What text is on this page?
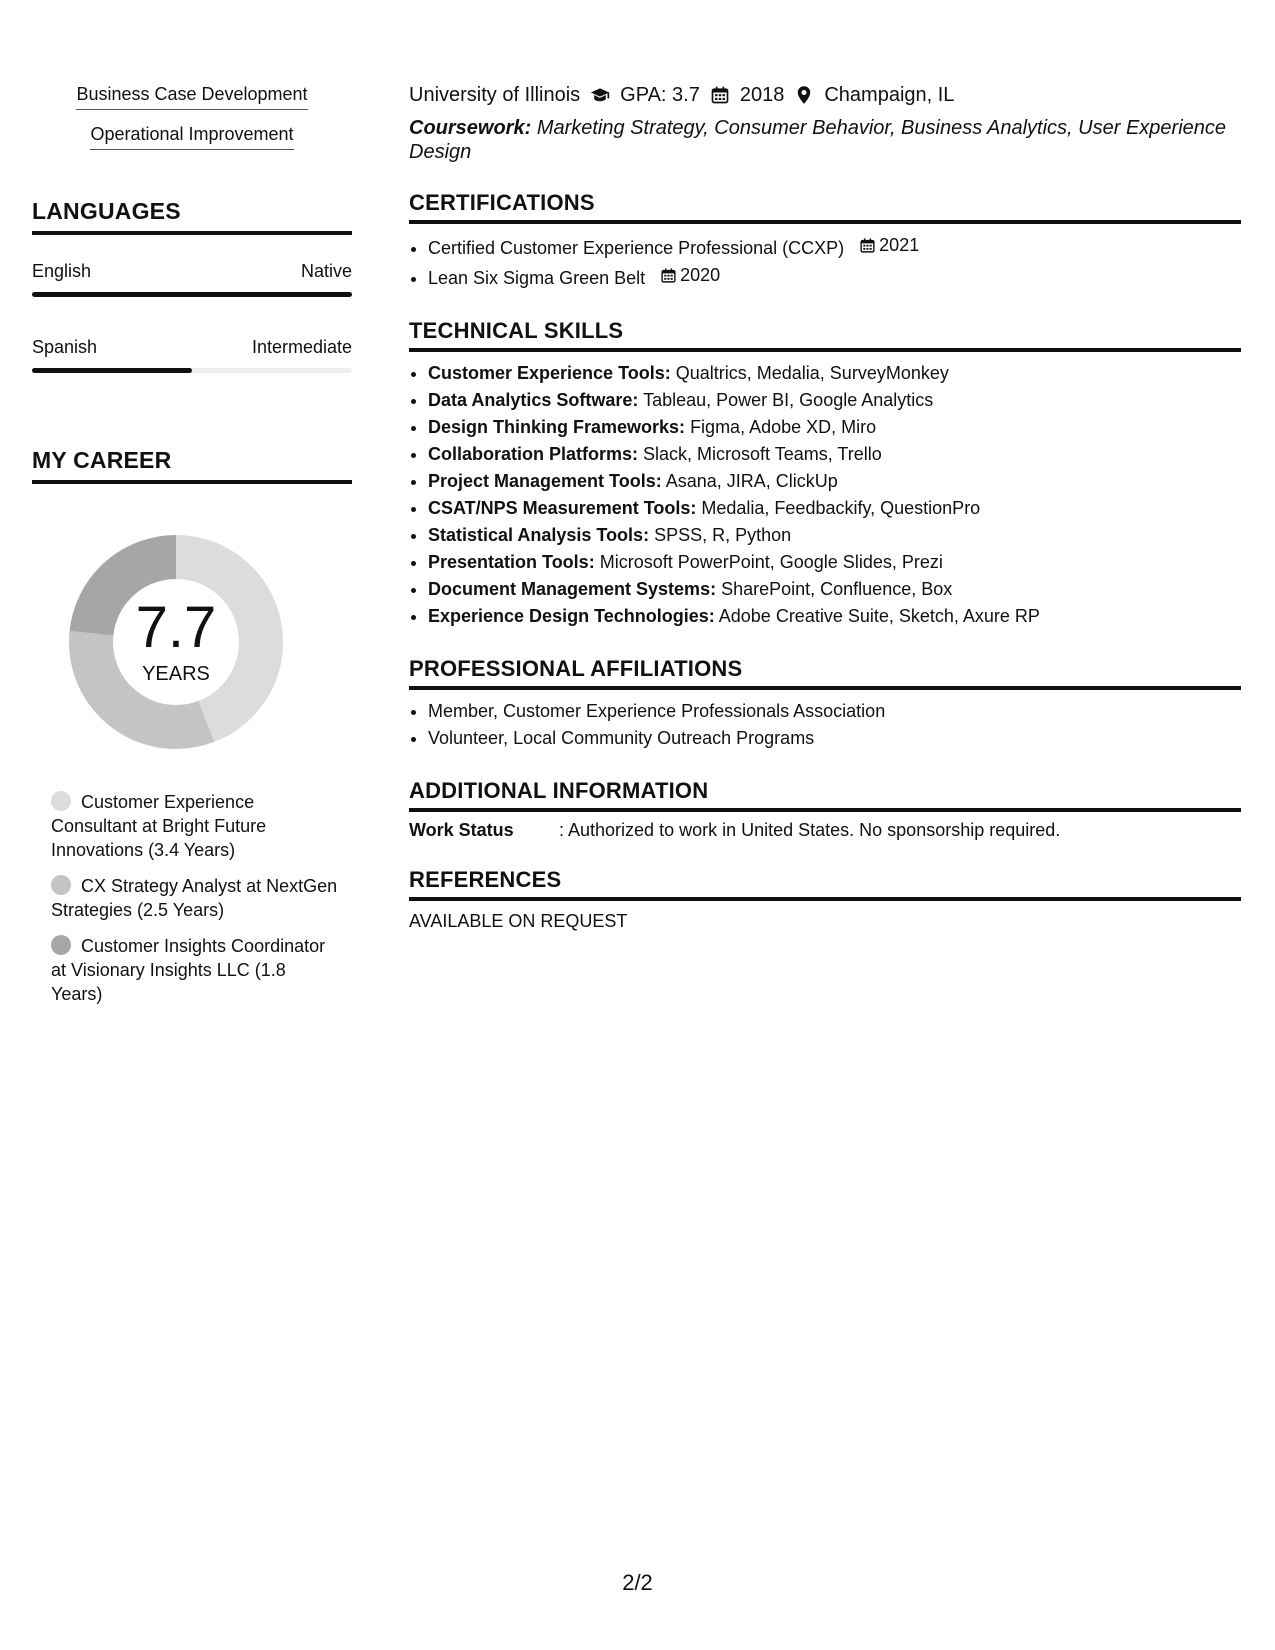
Business Case Development
Operational Improvement
LANGUAGES
English	Native
Spanish	Intermediate
MY CAREER
7.7
YEARS
Customer Experience Consultant at Bright Future Innovations (3.4 Years)
CX Strategy Analyst at NextGen Strategies (2.5 Years)
Customer Insights Coordinator at Visionary Insights LLC (1.8 Years)
University of Illinois GPA: 3.7 2018 Champaign, IL
Coursework: Marketing Strategy, Consumer Behavior, Business Analytics, User Experience Design
CERTIFICATIONS
• Certified Customer Experience Professional (CCXP) 2021
• Lean Six Sigma Green Belt 2020
TECHNICAL SKILLS
• Customer Experience Tools: Qualtrics, Medalia, SurveyMonkey
• Data Analytics Software: Tableau, Power BI, Google Analytics
• Design Thinking Frameworks: Figma, Adobe XD, Miro
• Collaboration Platforms: Slack, Microsoft Teams, Trello
• Project Management Tools: Asana, JIRA, ClickUp
• CSAT/NPS Measurement Tools: Medalia, Feedbackify, QuestionPro
• Statistical Analysis Tools: SPSS, R, Python
• Presentation Tools: Microsoft PowerPoint, Google Slides, Prezi
• Document Management Systems: SharePoint, Confluence, Box
• Experience Design Technologies: Adobe Creative Suite, Sketch, Axure RP
PROFESSIONAL AFFILIATIONS
• Member, Customer Experience Professionals Association
• Volunteer, Local Community Outreach Programs
ADDITIONAL INFORMATION
Work Status	: Authorized to work in United States. No sponsorship required.
REFERENCES
AVAILABLE ON REQUEST
2/2
